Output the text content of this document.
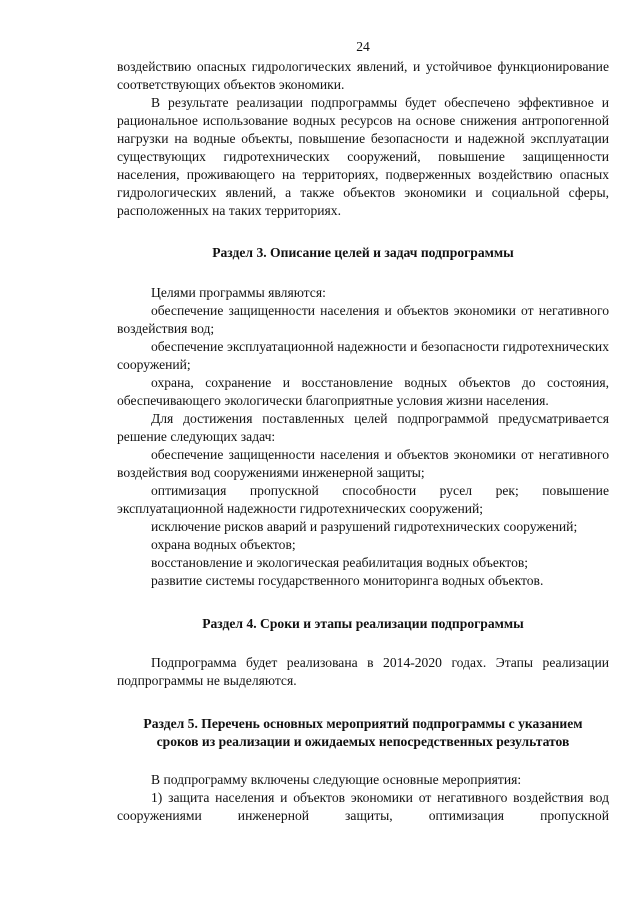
24

воздействию опасных гидрологических явлений, и устойчивое функционирование соответствующих объектов экономики.

В результате реализации подпрограммы будет обеспечено эффективное и рациональное использование водных ресурсов на основе снижения антропогенной нагрузки на водные объекты, повышение безопасности и надежной эксплуатации существующих гидротехнических сооружений, повышение защищенности населения, проживающего на территориях, подверженных воздействию опасных гидрологических явлений, а также объектов экономики и социальной сферы, расположенных на таких территориях.

Раздел 3. Описание целей и задач подпрограммы

Целями программы являются:

обеспечение защищенности населения и объектов экономики от негативного воздействия вод;

обеспечение эксплуатационной надежности и безопасности гидротехнических сооружений;

охрана, сохранение и восстановление водных объектов до состояния, обеспечивающего экологически благоприятные условия жизни населения.

Для достижения поставленных целей подпрограммой предусматривается решение следующих задач:

обеспечение защищенности населения и объектов экономики от негативного воздействия вод сооружениями инженерной защиты;

оптимизация пропускной способности русел рек; повышение эксплуатационной надежности гидротехнических сооружений;

исключение рисков аварий и разрушений гидротехнических сооружений;

охрана водных объектов;

восстановление и экологическая реабилитация водных объектов;

развитие системы государственного мониторинга водных объектов.

Раздел 4. Сроки и этапы реализации подпрограммы

Подпрограмма будет реализована в 2014-2020 годах. Этапы реализации подпрограммы не выделяются.

Раздел 5. Перечень основных мероприятий подпрограммы с указанием
сроков из реализации и ожидаемых непосредственных результатов

В подпрограмму включены следующие основные мероприятия:

1) защита населения и объектов экономики от негативного воздействия вод сооружениями инженерной защиты, оптимизация пропускной
